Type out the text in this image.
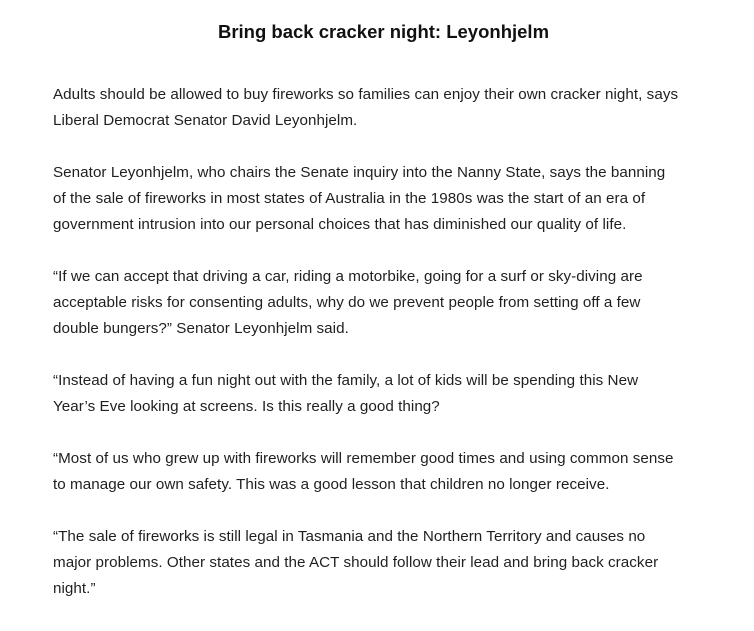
Bring back cracker night: Leyonhjelm

Adults should be allowed to buy fireworks so families can enjoy their own cracker night, says
Liberal Democrat Senator David Leyonhjelm.

Senator Leyonhjelm, who chairs the Senate inquiry into the Nanny State, says the banning
of the sale of fireworks in most states of Australia in the 1980s was the start of an era of
government intrusion into our personal choices that has diminished our quality of life.

“If we can accept that driving a car, riding a motorbike, going for a surf or sky-diving are
acceptable risks for consenting adults, why do we prevent people from setting off a few
double bungers?” Senator Leyonhjelm said.

“Instead of having a fun night out with the family, a lot of kids will be spending this New
Year’s Eve looking at screens. Is this really a good thing?

“Most of us who grew up with fireworks will remember good times and using common sense
to manage our own safety. This was a good lesson that children no longer receive.

“The sale of fireworks is still legal in Tasmania and the Northern Territory and causes no
major problems. Other states and the ACT should follow their lead and bring back cracker
night.”
